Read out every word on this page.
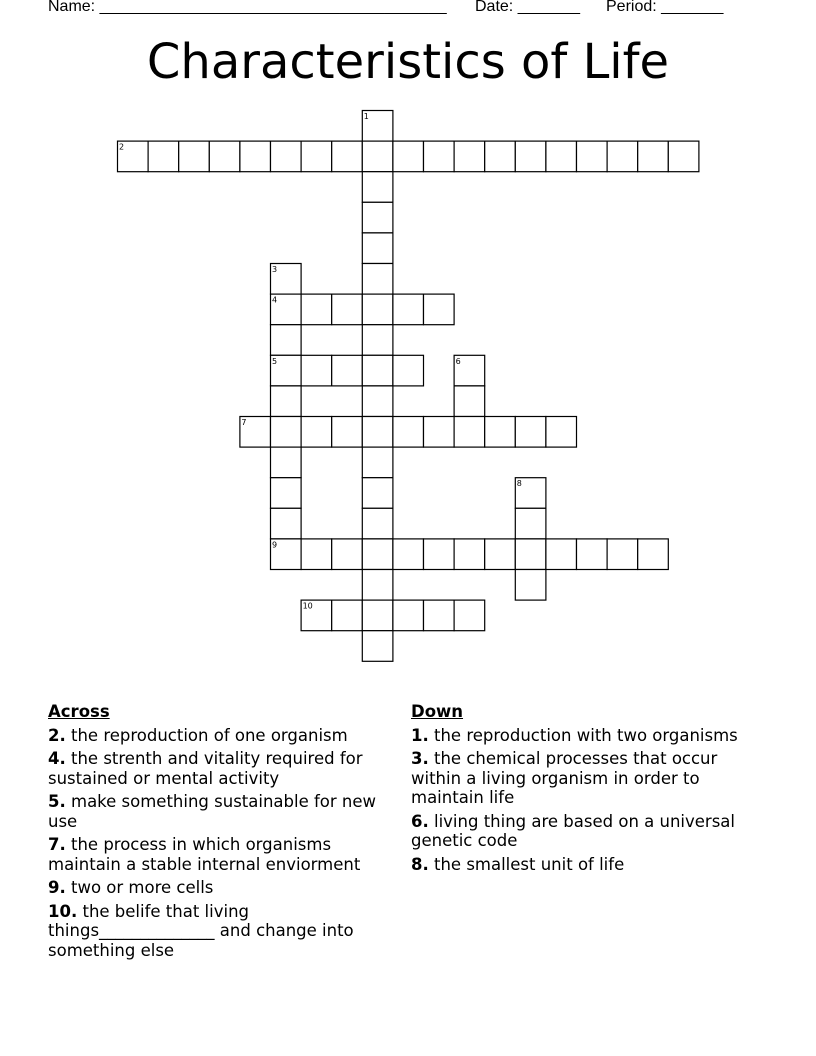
Name: _______________________________________ Date: _______ Period: _______
Characteristics of Life
1
2
3
4
5	6
7
8
9
10
Across
2. the reproduction of one organism
4. the strenth and vitality required for sustained or mental activity
5. make something sustainable for new use
7. the process in which organisms maintain a stable internal enviorment
9. two or more cells
10. the belife that living things______________ and change into something else
Down
1. the reproduction with two organisms
3. the chemical processes that occur within a living organism in order to maintain life
6. living thing are based on a universal genetic code
8. the smallest unit of life
